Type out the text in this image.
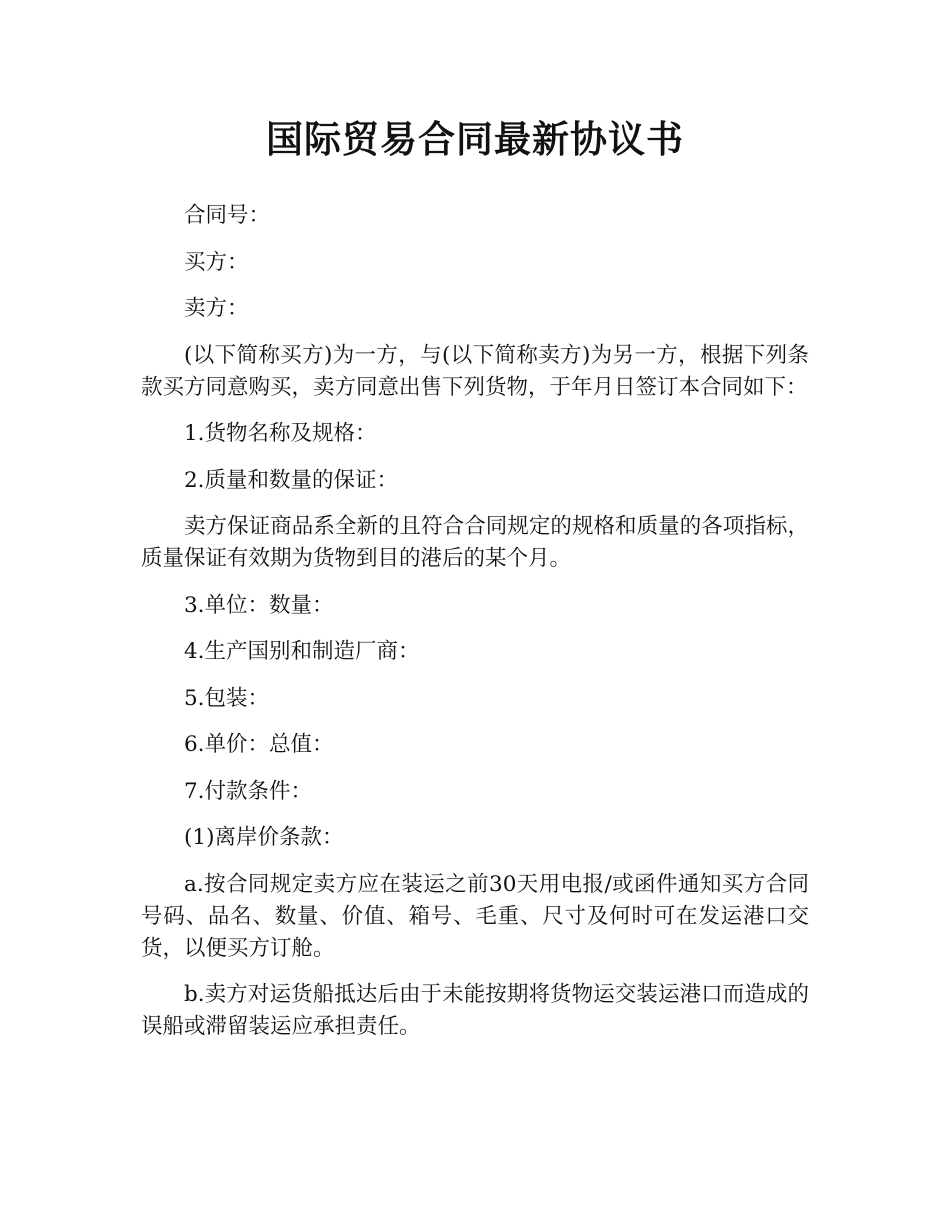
国际贸易合同最新协议书

合同号：

买方：

卖方：

(以下简称买方)为一方，与(以下简称卖方)为另一方，根据下列条款买方同意购买，卖方同意出售下列货物，于年月日签订本合同如下：

1.货物名称及规格：

2.质量和数量的保证：

卖方保证商品系全新的且符合合同规定的规格和质量的各项指标，质量保证有效期为货物到目的港后的某个月。

3.单位：数量：

4.生产国别和制造厂商：

5.包装：

6.单价：总值：

7.付款条件：

(1)离岸价条款：

a.按合同规定卖方应在装运之前30天用电报/或函件通知买方合同号码、品名、数量、价值、箱号、毛重、尺寸及何时可在发运港口交货，以便买方订舱。

b.卖方对运货船抵达后由于未能按期将货物运交装运港口而造成的误船或滞留装运应承担责任。
